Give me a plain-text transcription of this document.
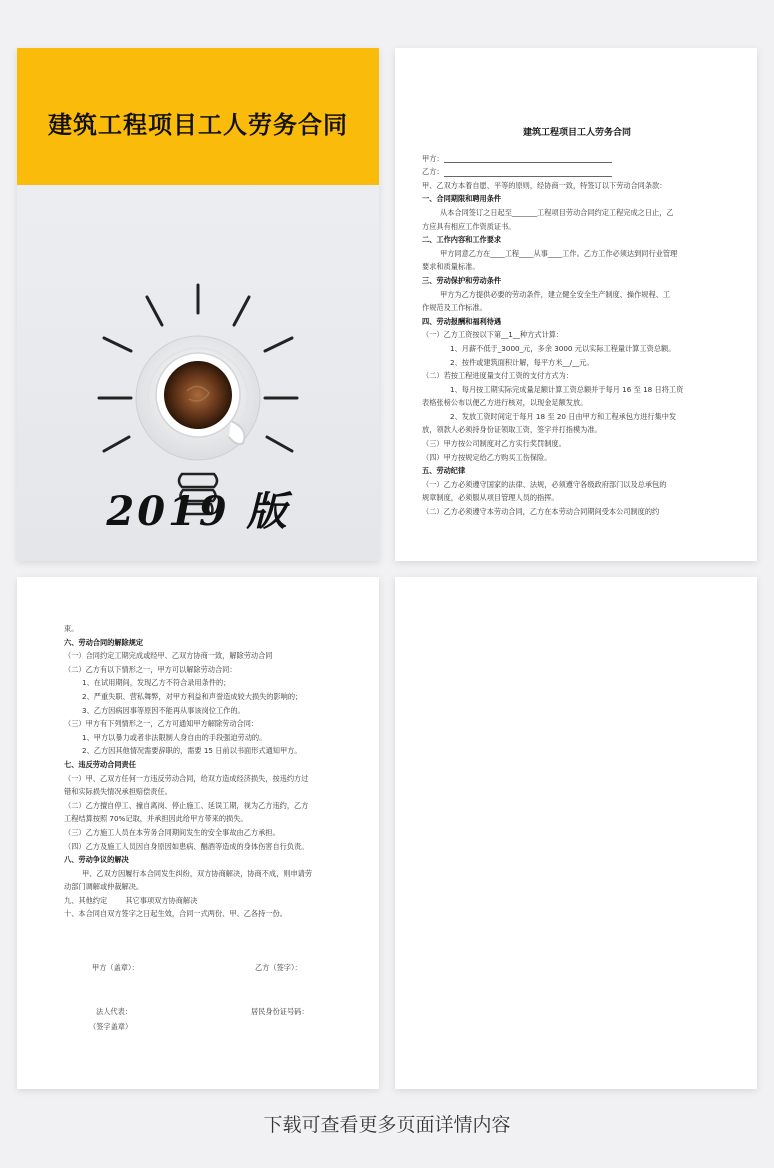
建筑工程项目工人劳务合同
2019 版
建筑工程项目工人劳务合同

甲方：

乙方：

甲、乙双方本着自愿、平等的原则，经协商一致，特签订以下劳动合同条款：

一、合同期限和聘用条件

从本合同签订之日起至_______工程项目劳动合同约定工程完成之日止，乙

方应具有相应工作资质证书。

二、工作内容和工作要求

甲方同意乙方在____工程____从事____工作。乙方工作必须达到同行业管理

要求和质量标准。

三、劳动保护和劳动条件

甲方为乙方提供必要的劳动条件，建立健全安全生产制度、操作规程、工

作规范及工作标准。

四、劳动报酬和福利待遇

（一）乙方工资按以下第__1__种方式计算：

1、月薪不低于_3000_元，多余 3000 元以实际工程量计算工资总额。

2、按件或建筑面积计解，每平方米__/__元。

（二）若按工程进度量支付工资的支付方式为：

1、每月按工期实际完成量足额计算工资总额并于每月 16 至 18 日将工资

表格张榜公布以便乙方进行核对，以现金足额发放。

2、发放工资时间定于每月 18 至 20 日由甲方和工程承包方进行集中发

放，领款人必须持身份证领取工资，签字并打指模为准。

（三）甲方按公司制度对乙方实行奖罚制度。

（四）甲方按规定给乙方购买工伤保险。

五、劳动纪律

（一）乙方必须遵守国家的法律、法规，必须遵守各级政府部门以及总承包的

规章制度，必须服从项目管理人员的指挥。

（二）乙方必须遵守本劳动合同，乙方在本劳动合同期间受本公司制度的约

束。

六、劳动合同的解除规定

（一）合同约定工期完成或经甲、乙双方协商一致，解除劳动合同

（二）乙方有以下情形之一，甲方可以解除劳动合同：

1、在试用期间，发现乙方不符合录用条件的；

2、严重失职、营私舞弊，对甲方利益和声誉造成较大损失的影响的；

3、乙方因病因事等原因不能再从事该岗位工作的。

（三）甲方有下列情形之一，乙方可通知甲方解除劳动合同：

1、甲方以暴力或者非法限制人身自由的手段强迫劳动的。

2、乙方因其他情况需要辞职的，需要 15 日前以书面形式通知甲方。

七、违反劳动合同责任

（一）甲、乙双方任何一方违反劳动合同，给双方造成经济损失，按违约方过

错和实际损失情况承担赔偿责任。

（二）乙方擅自停工、撞自离岗、停止施工、延误工期，视为乙方违约，乙方

工程结算按照 70%记取，并承担因此给甲方带来的损失。

（三）乙方施工人员在本劳务合同期间发生的安全事故由乙方承担。

（四）乙方及施工人员因自身原因如患病、酗酒等造成的身体伤害自行负责。

八、劳动争议的解决

甲、乙双方因履行本合同发生纠纷，双方协商解决，协商不成，则申请劳

动部门调解或仲裁解决。

九、其他约定        其它事项双方协商解决

十、本合同自双方签字之日起生效，合同一式两份、甲、乙各持一份。

甲方（盖章）：	乙方（签字）：
法人代表：	居民身份证号码：
（签字盖章）
下载可查看更多页面详情内容
